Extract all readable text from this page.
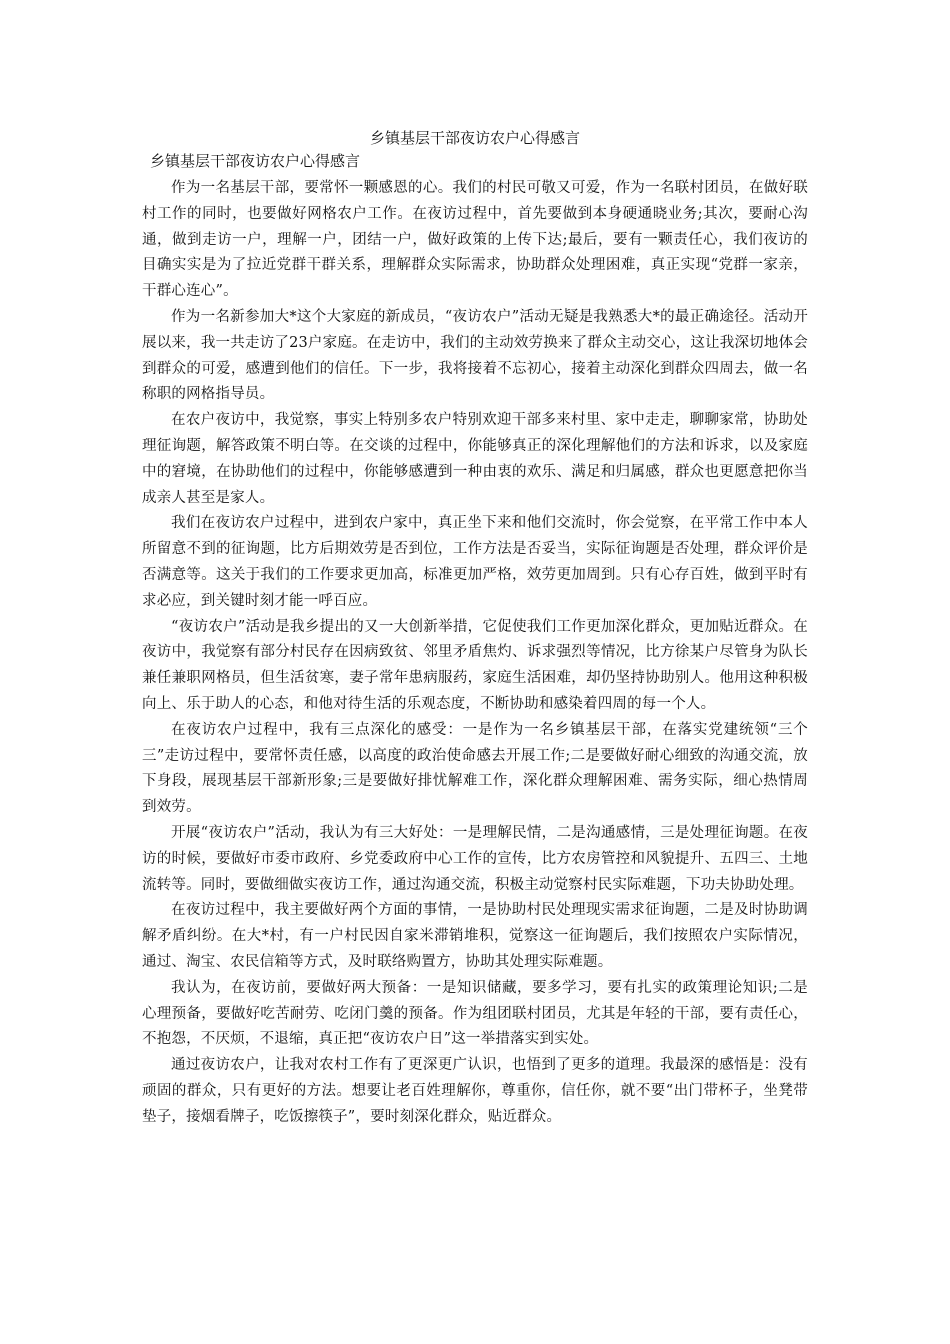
乡镇基层干部夜访农户心得感言
乡镇基层干部夜访农户心得感言

作为一名基层干部，要常怀一颗感恩的心。我们的村民可敬又可爱，作为一名联村团员，在做好联村工作的同时，也要做好网格农户工作。在夜访过程中，首先要做到本身硬通晓业务;其次，要耐心沟通，做到走访一户，理解一户，团结一户，做好政策的上传下达;最后，要有一颗责任心，我们夜访的目确实实是为了拉近党群干群关系，理解群众实际需求，协助群众处理困难，真正实现“党群一家亲，干群心连心”。

作为一名新参加大*这个大家庭的新成员，“夜访农户”活动无疑是我熟悉大*的最正确途径。活动开展以来，我一共走访了23户家庭。在走访中，我们的主动效劳换来了群众主动交心，这让我深切地体会到群众的可爱，感遭到他们的信任。下一步，我将接着不忘初心，接着主动深化到群众四周去，做一名称职的网格指导员。

在农户夜访中，我觉察，事实上特别多农户特别欢迎干部多来村里、家中走走，聊聊家常，协助处理征询题，解答政策不明白等。在交谈的过程中，你能够真正的深化理解他们的方法和诉求，以及家庭中的窘境，在协助他们的过程中，你能够感遭到一种由衷的欢乐、满足和归属感，群众也更愿意把你当成亲人甚至是家人。

我们在夜访农户过程中，进到农户家中，真正坐下来和他们交流时，你会觉察，在平常工作中本人所留意不到的征询题，比方后期效劳是否到位，工作方法是否妥当，实际征询题是否处理，群众评价是否满意等。这关于我们的工作要求更加高，标准更加严格，效劳更加周到。只有心存百姓，做到平时有求必应，到关键时刻才能一呼百应。

“夜访农户”活动是我乡提出的又一大创新举措，它促使我们工作更加深化群众，更加贴近群众。在夜访中，我觉察有部分村民存在因病致贫、邻里矛盾焦灼、诉求强烈等情况，比方徐某户尽管身为队长兼任兼职网格员，但生活贫寒，妻子常年患病服药，家庭生活困难，却仍坚持协助别人。他用这种积极向上、乐于助人的心态，和他对待生活的乐观态度，不断协助和感染着四周的每一个人。

在夜访农户过程中，我有三点深化的感受：一是作为一名乡镇基层干部，在落实党建统领“三个三”走访过程中，要常怀责任感，以高度的政治使命感去开展工作;二是要做好耐心细致的沟通交流，放下身段，展现基层干部新形象;三是要做好排忧解难工作，深化群众理解困难、需务实际，细心热情周到效劳。

开展“夜访农户”活动，我认为有三大好处：一是理解民情，二是沟通感情，三是处理征询题。在夜访的时候，要做好市委市政府、乡党委政府中心工作的宣传，比方农房管控和风貌提升、五四三、土地流转等。同时，要做细做实夜访工作，通过沟通交流，积极主动觉察村民实际难题，下功夫协助处理。

在夜访过程中，我主要做好两个方面的事情，一是协助村民处理现实需求征询题，二是及时协助调解矛盾纠纷。在大*村，有一户村民因自家米滞销堆积，觉察这一征询题后，我们按照农户实际情况，通过、淘宝、农民信箱等方式，及时联络购置方，协助其处理实际难题。

我认为，在夜访前，要做好两大预备：一是知识储藏，要多学习，要有扎实的政策理论知识;二是心理预备，要做好吃苦耐劳、吃闭门羹的预备。作为组团联村团员，尤其是年轻的干部，要有责任心，不抱怨，不厌烦，不退缩，真正把“夜访农户日”这一举措落实到实处。

通过夜访农户，让我对农村工作有了更深更广认识，也悟到了更多的道理。我最深的感悟是：没有顽固的群众，只有更好的方法。想要让老百姓理解你，尊重你，信任你，就不要“出门带杯子，坐凳带垫子，接烟看牌子，吃饭擦筷子”，要时刻深化群众，贴近群众。
